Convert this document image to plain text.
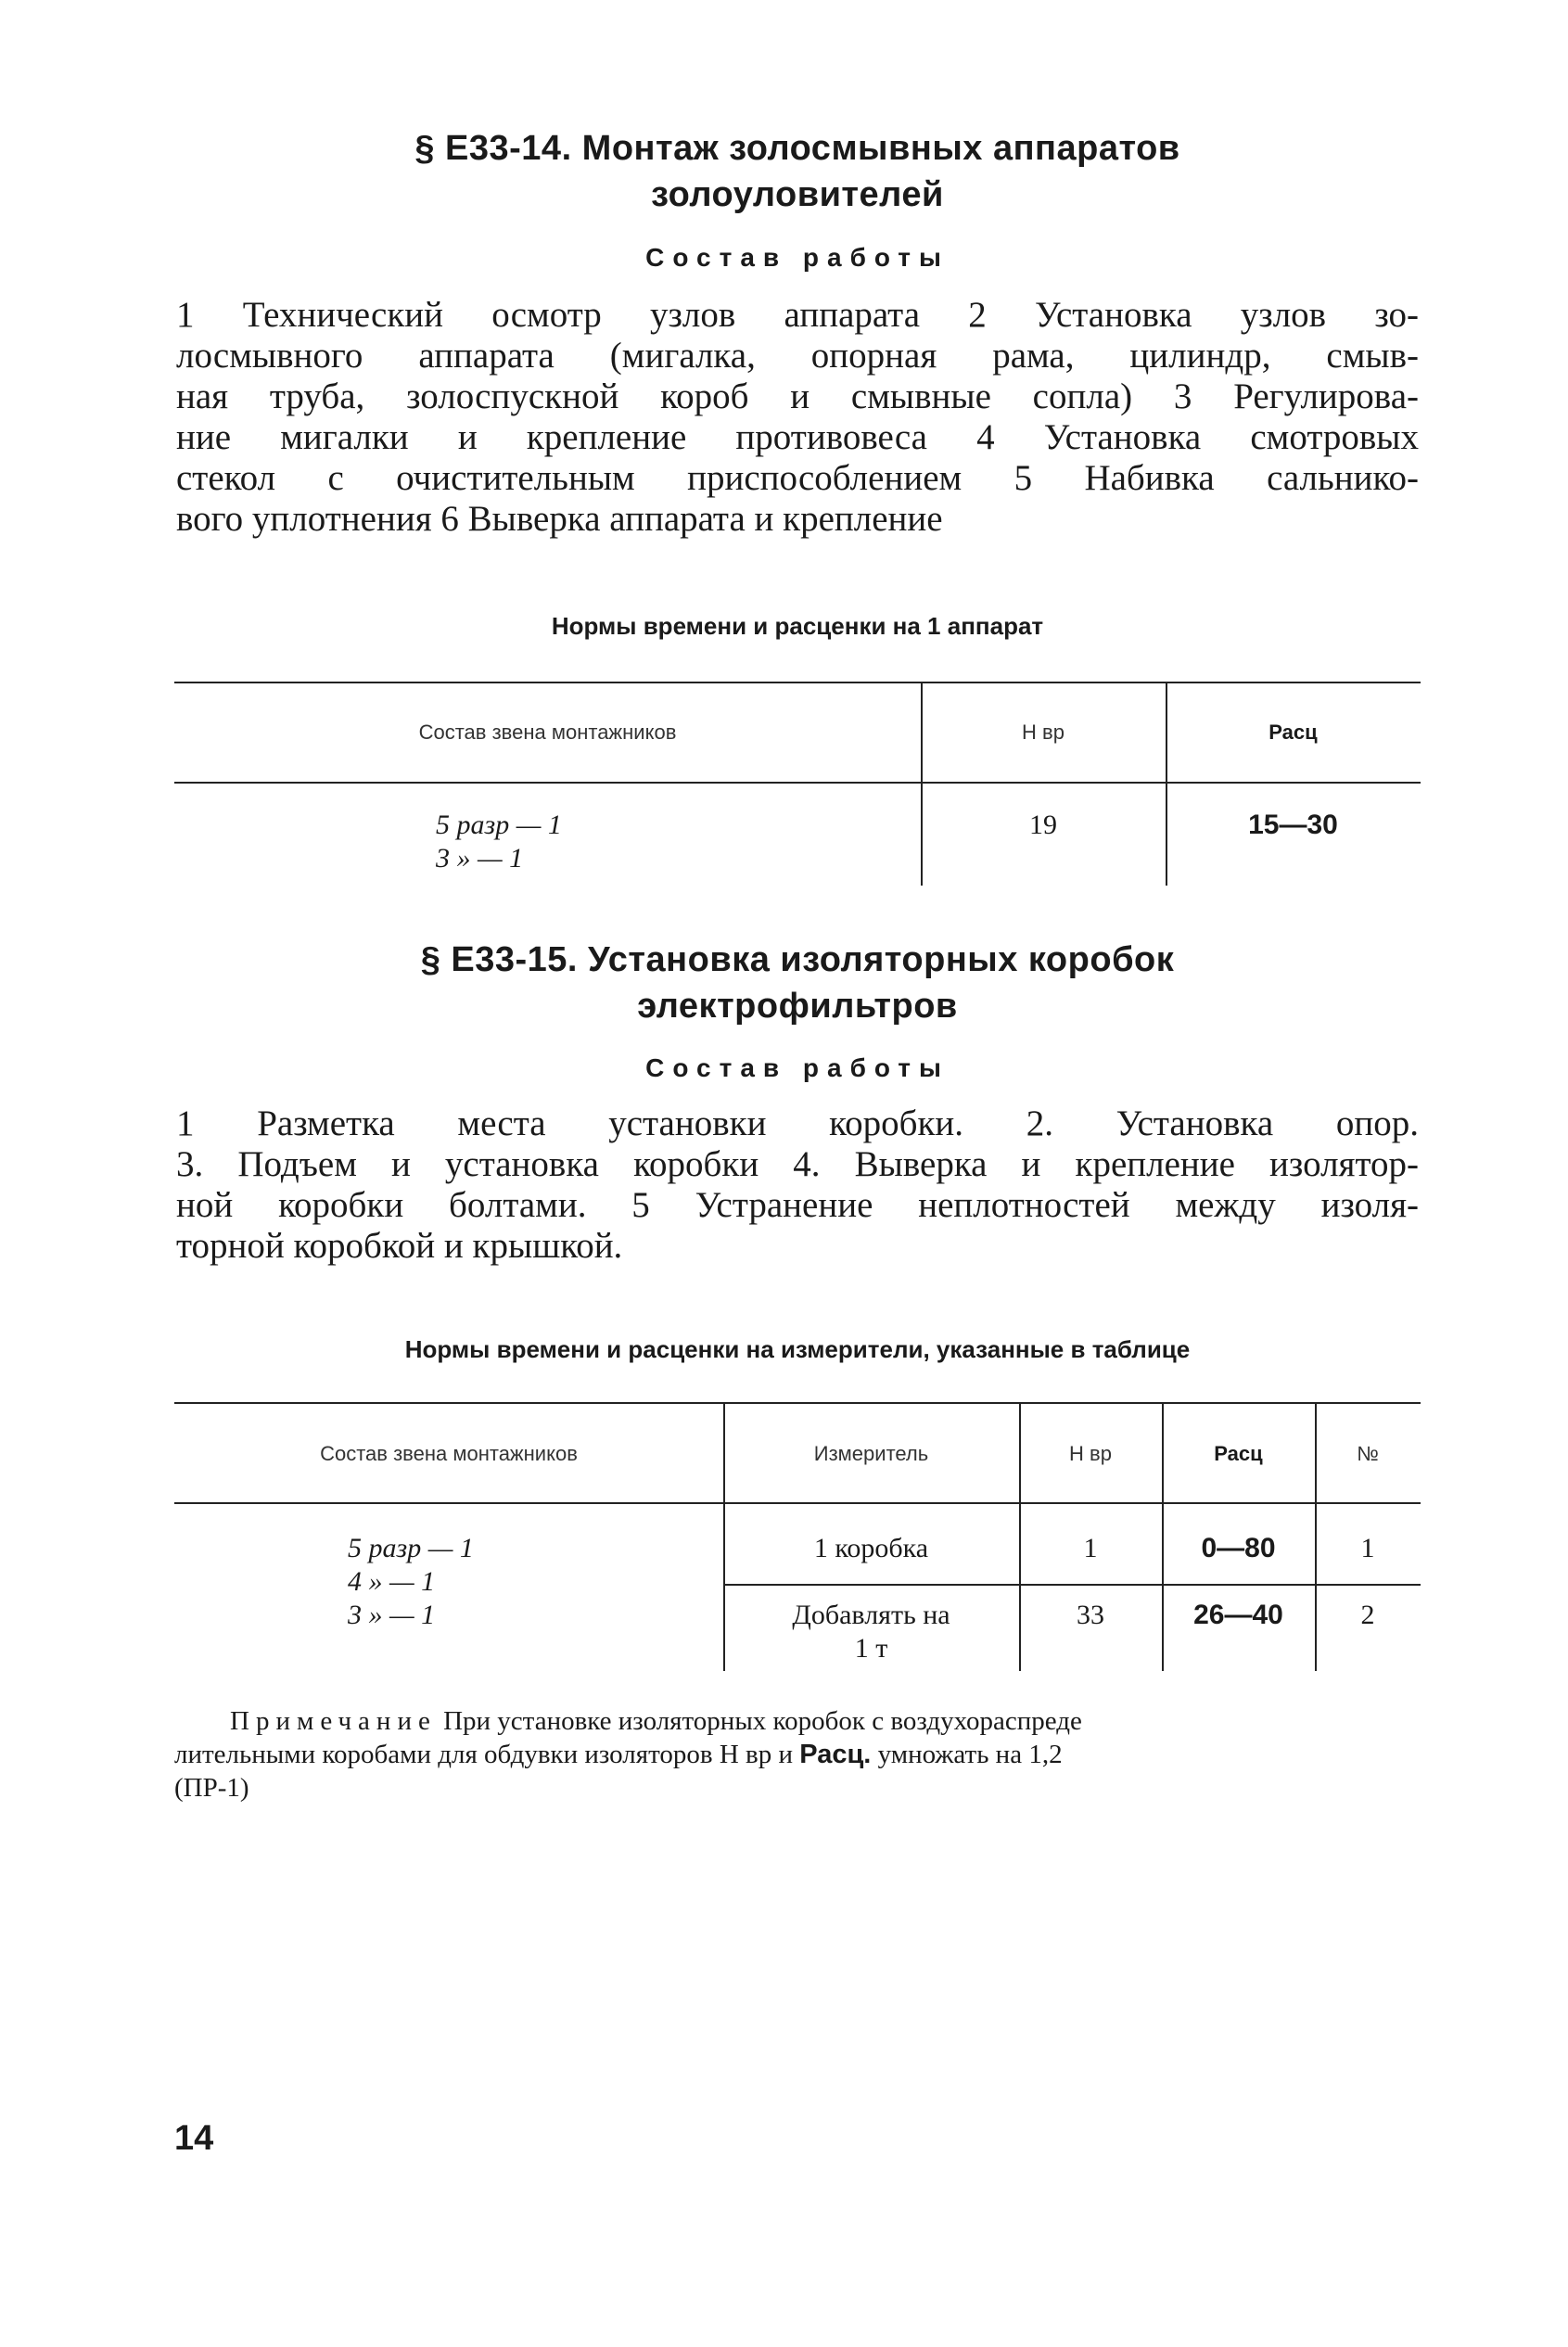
§ Е33-14. Монтаж золосмывных аппаратов
золоуловителей
Состав работы
1 Технический осмотр узлов аппарата 2 Установка узлов зо-
лосмывного аппарата (мигалка, опорная рама, цилиндр, смыв-
ная труба, золоспускной короб и смывные сопла) 3 Регулирова-
ние мигалки и крепление противовеса 4 Установка смотровых
стекол с очистительным приспособлением 5 Набивка сальнико-
вого уплотнения 6 Выверка аппарата и крепление
Нормы времени и расценки на 1 аппарат
Состав звена монтажников	Н вр	Расц
5 разр — 1
3 » — 1
19	15—30
§ Е33-15. Установка изоляторных коробок
электрофильтров
Состав работы
1 Разметка места установки коробки. 2. Установка опор.
3. Подъем и установка коробки 4. Выверка и крепление изолятор-
ной коробки болтами. 5 Устранение неплотностей между изоля-
торной коробкой и крышкой.
Нормы времени и расценки на измерители, указанные в таблице
Состав звена монтажников	Измеритель	Н вр	Расц	№
5 разр — 1
4 » — 1
3 » — 1
1 коробка	1	0—80	1
Добавлять на
1 т
33	26—40	2
Примечание При установке изоляторных коробок с воздухораспреде
лительными коробами для обдувки изоляторов Н вр и Расц. умножать на 1,2
(ПР-1)
14
